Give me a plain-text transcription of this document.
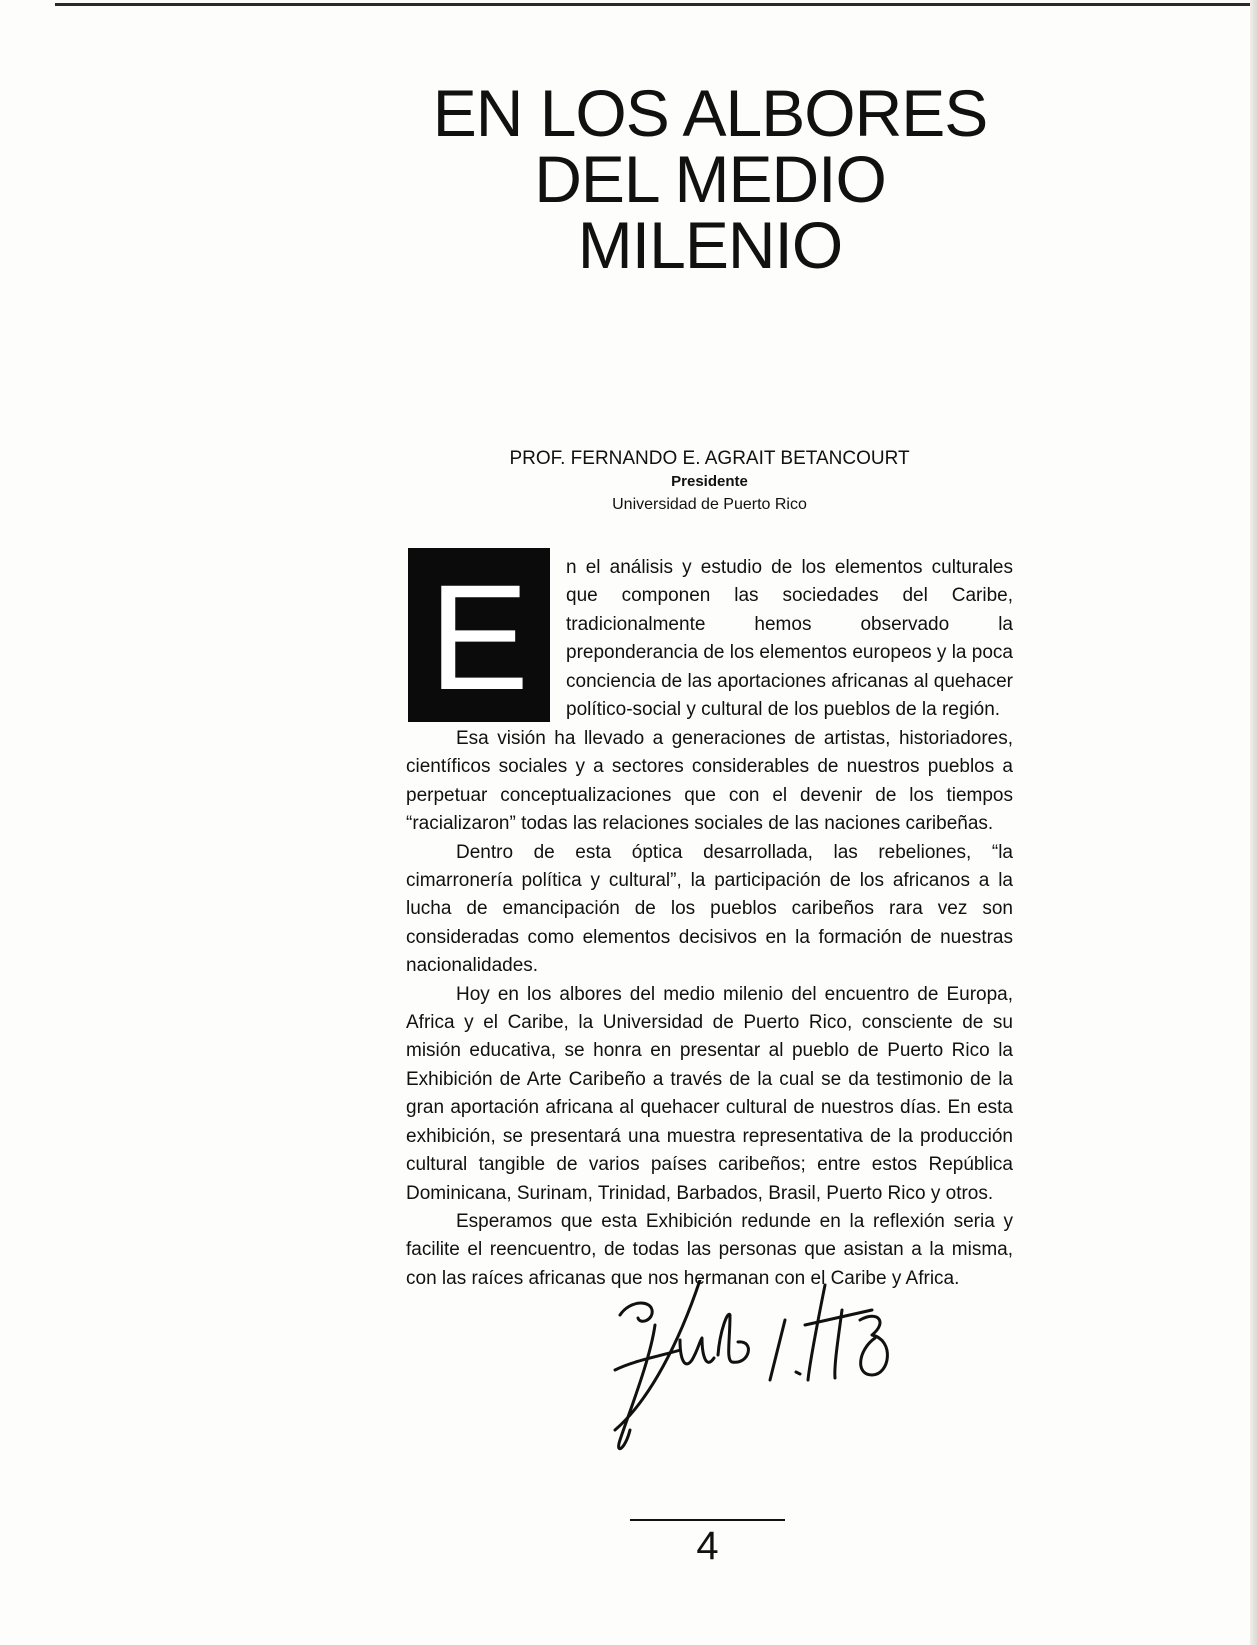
EN LOS ALBORES
DEL MEDIO MILENIO
PROF. FERNANDO E. AGRAIT BETANCOURT
Presidente
Universidad de Puerto Rico
E	n el análisis y estudio de los elementos culturales que componen las sociedades del Caribe, tradicionalmente hemos observado la preponderancia de los elementos europeos y la poca conciencia de las aportaciones africanas al quehacer político-social y cultural de los pueblos de la región.

Esa visión ha llevado a generaciones de artistas, historiadores, científicos sociales y a sectores considerables de nuestros pueblos a perpetuar conceptualizaciones que con el devenir de los tiempos “racializaron” todas las relaciones sociales de las naciones caribeñas.

Dentro de esta óptica desarrollada, las rebeliones, “la cimarronería política y cultural”, la participación de los africanos a la lucha de emancipación de los pueblos caribeños rara vez son consideradas como elementos decisivos en la formación de nuestras nacionalidades.

Hoy en los albores del medio milenio del encuentro de Europa, Africa y el Caribe, la Universidad de Puerto Rico, consciente de su misión educativa, se honra en presentar al pueblo de Puerto Rico la Exhibición de Arte Caribeño a través de la cual se da testimonio de la gran aportación africana al quehacer cultural de nuestros días. En esta exhibición, se presentará una muestra representativa de la producción cultural tangible de varios países caribeños; entre estos República Dominicana, Surinam, Trinidad, Barbados, Brasil, Puerto Rico y otros.

Esperamos que esta Exhibición redunde en la reflexión seria y facilite el reencuentro, de todas las personas que asistan a la misma, con las raíces africanas que nos hermanan con el Caribe y Africa.

4
